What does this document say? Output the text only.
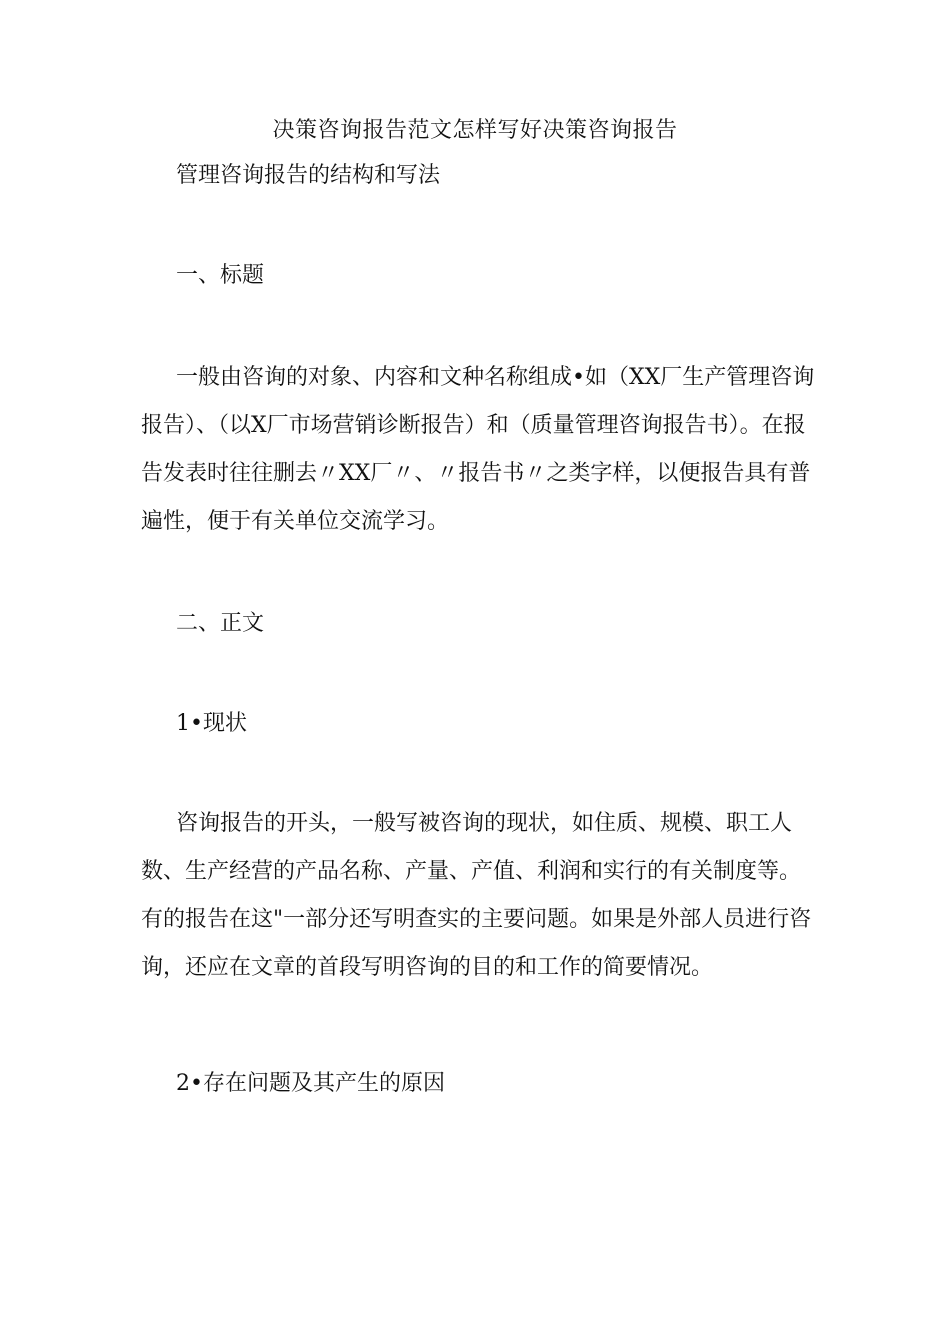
决策咨询报告范文怎样写好决策咨询报告
管理咨询报告的结构和写法
一、标题

一般由咨询的对象、内容和文种名称组成•如（XX厂生产管理咨询报告）、（以X厂市场营销诊断报告）和（质量管理咨询报告书）。在报告发表时往往删去〃XX厂〃、〃报告书〃之类字样，以便报告具有普遍性，便于有关单位交流学习。

二、正文
1•现状

咨询报告的开头，一般写被咨询的现状，如住质、规模、职工人数、生产经营的产品名称、产量、产值、利润和实行的有关制度等。有的报告在这"一部分还写明查实的主要问题。如果是外部人员进行咨询，还应在文章的首段写明咨询的目的和工作的简要情况。

2•存在问题及其产生的原因
